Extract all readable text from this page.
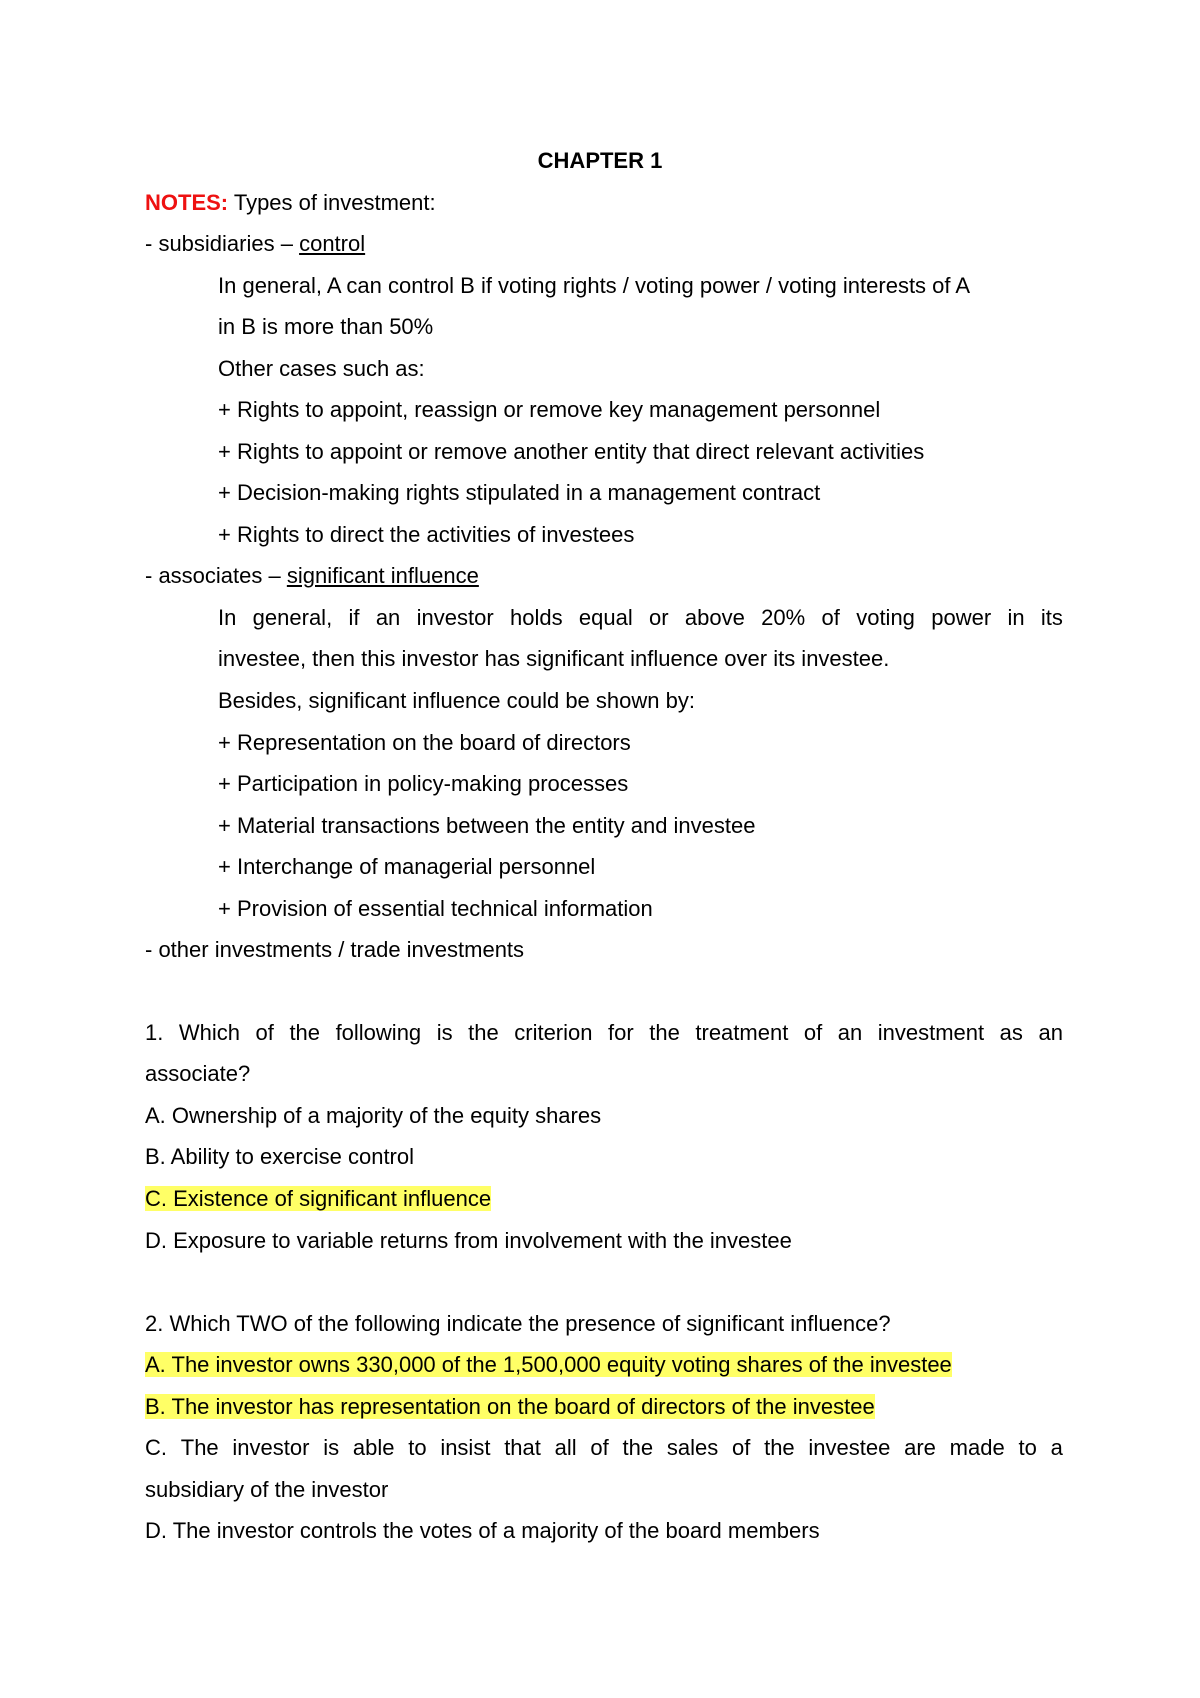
CHAPTER 1
NOTES: Types of investment:
- subsidiaries – control
In general, A can control B if voting rights / voting power / voting interests of A
in B is more than 50%
Other cases such as:
+ Rights to appoint, reassign or remove key management personnel
+ Rights to appoint or remove another entity that direct relevant activities
+ Decision-making rights stipulated in a management contract
+ Rights to direct the activities of investees
- associates – significant influence
In general, if an investor holds equal or above 20% of voting power in its
investee, then this investor has significant influence over its investee.
Besides, significant influence could be shown by:
+ Representation on the board of directors
+ Participation in policy-making processes
+ Material transactions between the entity and investee
+ Interchange of managerial personnel
+ Provision of essential technical information
- other investments / trade investments
1. Which of the following is the criterion for the treatment of an investment as an
associate?
A. Ownership of a majority of the equity shares
B. Ability to exercise control
C. Existence of significant influence
D. Exposure to variable returns from involvement with the investee
2. Which TWO of the following indicate the presence of significant influence?
A. The investor owns 330,000 of the 1,500,000 equity voting shares of the investee
B. The investor has representation on the board of directors of the investee
C. The investor is able to insist that all of the sales of the investee are made to a
subsidiary of the investor
D. The investor controls the votes of a majority of the board members
